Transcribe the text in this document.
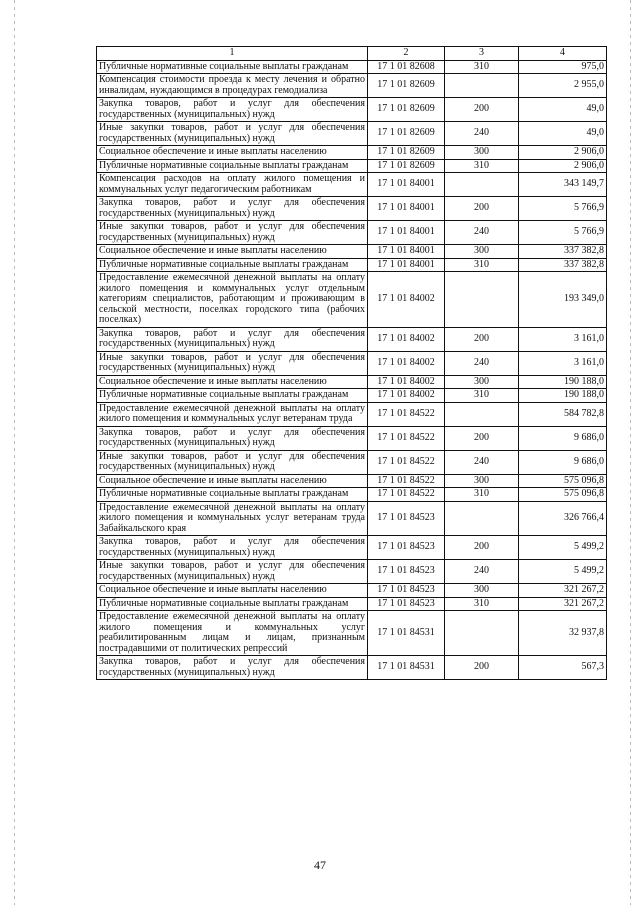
1	2	3	4
Публичные нормативные социальные выплаты гражданам	17 1 01 82608	310	975,0
Компенсация стоимости проезда к месту лечения и обратно инвалидам, нуждающимся в процедурах гемодиализа	17 1 01 82609		2 955,0
Закупка товаров, работ и услуг для обеспечения государственных (муниципальных) нужд	17 1 01 82609	200	49,0
Иные закупки товаров, работ и услуг для обеспечения государственных (муниципальных) нужд	17 1 01 82609	240	49,0
Социальное обеспечение и иные выплаты населению	17 1 01 82609	300	2 906,0
Публичные нормативные социальные выплаты гражданам	17 1 01 82609	310	2 906,0
Компенсация расходов на оплату жилого помещения и коммунальных услуг педагогическим работникам	17 1 01 84001		343 149,7
Закупка товаров, работ и услуг для обеспечения государственных (муниципальных) нужд	17 1 01 84001	200	5 766,9
Иные закупки товаров, работ и услуг для обеспечения государственных (муниципальных) нужд	17 1 01 84001	240	5 766,9
Социальное обеспечение и иные выплаты населению	17 1 01 84001	300	337 382,8
Публичные нормативные социальные выплаты гражданам	17 1 01 84001	310	337 382,8
Предоставление ежемесячной денежной выплаты на оплату жилого помещения и коммунальных услуг отдельным категориям специалистов, работающим и проживающим в сельской местности, поселках городского типа (рабочих поселках)	17 1 01 84002		193 349,0
Закупка товаров, работ и услуг для обеспечения государственных (муниципальных) нужд	17 1 01 84002	200	3 161,0
Иные закупки товаров, работ и услуг для обеспечения государственных (муниципальных) нужд	17 1 01 84002	240	3 161,0
Социальное обеспечение и иные выплаты населению	17 1 01 84002	300	190 188,0
Публичные нормативные социальные выплаты гражданам	17 1 01 84002	310	190 188,0
Предоставление ежемесячной денежной выплаты на оплату жилого помещения и коммунальных услуг ветеранам труда	17 1 01 84522		584 782,8
Закупка товаров, работ и услуг для обеспечения государственных (муниципальных) нужд	17 1 01 84522	200	9 686,0
Иные закупки товаров, работ и услуг для обеспечения государственных (муниципальных) нужд	17 1 01 84522	240	9 686,0
Социальное обеспечение и иные выплаты населению	17 1 01 84522	300	575 096,8
Публичные нормативные социальные выплаты гражданам	17 1 01 84522	310	575 096,8
Предоставление ежемесячной денежной выплаты на оплату жилого помещения и коммунальных услуг ветеранам труда Забайкальского края	17 1 01 84523		326 766,4
Закупка товаров, работ и услуг для обеспечения государственных (муниципальных) нужд	17 1 01 84523	200	5 499,2
Иные закупки товаров, работ и услуг для обеспечения государственных (муниципальных) нужд	17 1 01 84523	240	5 499,2
Социальное обеспечение и иные выплаты населению	17 1 01 84523	300	321 267,2
Публичные нормативные социальные выплаты гражданам	17 1 01 84523	310	321 267,2
Предоставление ежемесячной денежной выплаты на оплату жилого помещения и коммунальных услуг реабилитированным лицам и лицам, признанным пострадавшими от политических репрессий	17 1 01 84531		32 937,8
Закупка товаров, работ и услуг для обеспечения государственных (муниципальных) нужд	17 1 01 84531	200	567,3
47
